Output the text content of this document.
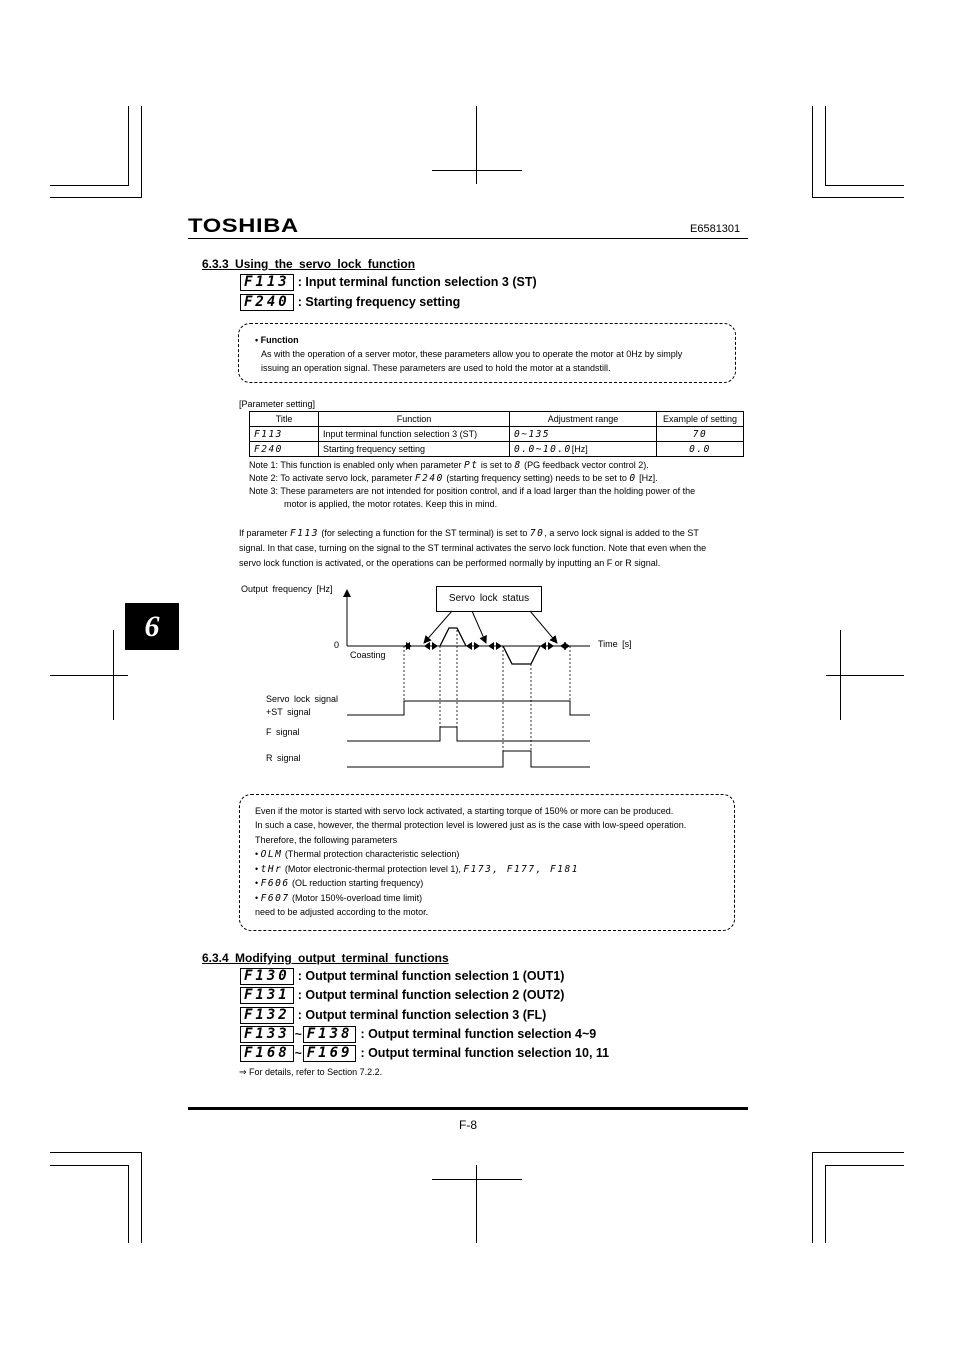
TOSHIBA	E6581301
6
6.3.3 Using the servo lock function
F113 : Input terminal function selection 3 (ST)
F240 : Starting frequency setting
• Function
As with the operation of a server motor, these parameters allow you to operate the motor at 0Hz by simply
issuing an operation signal. These parameters are used to hold the motor at a standstill.
[Parameter setting]
Title	Function	Adjustment range	Example of setting
F113	Input terminal function selection 3 (ST)	0~135	70
F240	Starting frequency setting	0.0~10.0[Hz]	0.0
Note 1: This function is enabled only when parameter Pt is set to 8 (PG feedback vector control 2).
Note 2: To activate servo lock, parameter F240 (starting frequency setting) needs to be set to 0 [Hz].
Note 3: These parameters are not intended for position control, and if a load larger than the holding power of the
motor is applied, the motor rotates. Keep this in mind.
If parameter F113 (for selecting a function for the ST terminal) is set to 70, a servo lock signal is added to the ST
signal. In that case, turning on the signal to the ST terminal activates the servo lock function. Note that even when the
servo lock function is activated, or the operations can be performed normally by inputting an F or R signal.
Output frequency [Hz]
Servo lock status
0
Coasting
Time [s]
Servo lock signal
+ST signal
F signal
R signal
Even if the motor is started with servo lock activated, a starting torque of 150% or more can be produced.
In such a case, however, the thermal protection level is lowered just as is the case with low-speed operation.
Therefore, the following parameters
• OLM (Thermal protection characteristic selection)
• tHr (Motor electronic-thermal protection level 1), F173, F177, F181
• F606 (OL reduction starting frequency)
• F607 (Motor 150%-overload time limit)
need to be adjusted according to the motor.
6.3.4 Modifying output terminal functions
F130 : Output terminal function selection 1 (OUT1)
F131 : Output terminal function selection 2 (OUT2)
F132 : Output terminal function selection 3 (FL)
F133 ~ F138 : Output terminal function selection 4~9
F168 ~ F169 : Output terminal function selection 10, 11
⇒ For details, refer to Section 7.2.2.
F-8
